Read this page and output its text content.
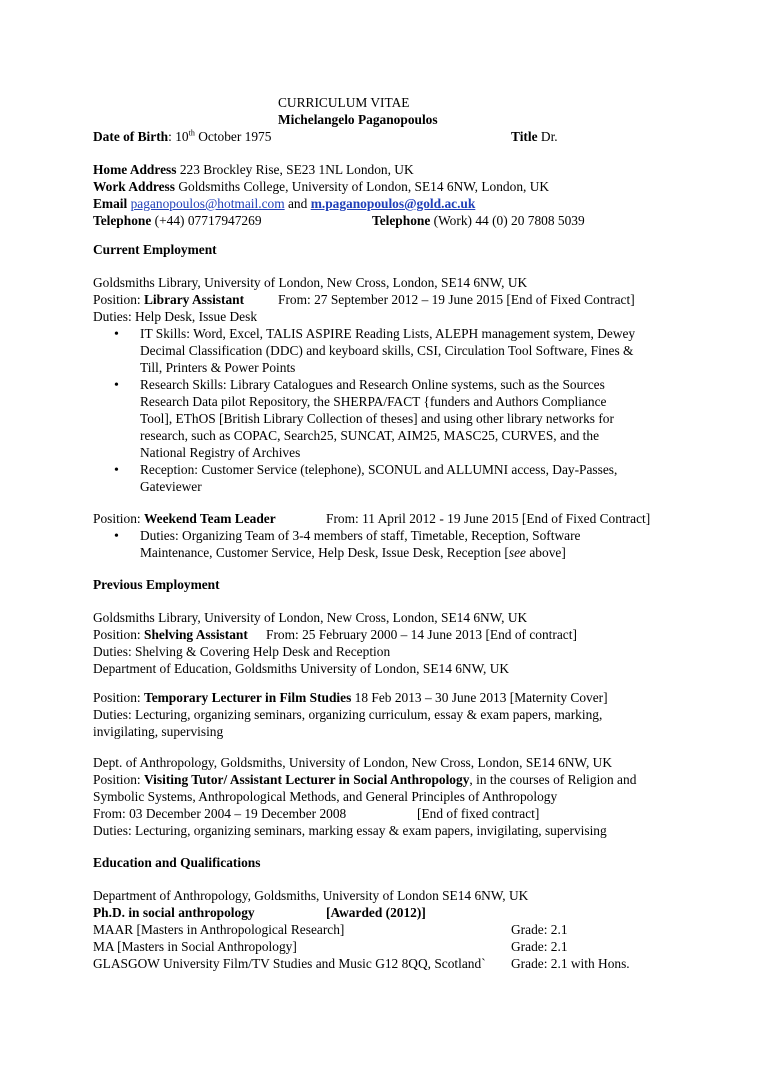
CURRICULUM VITAE
Michelangelo Paganopoulos
Date of Birth: 10th October 1975	Title Dr.
Home Address 223 Brockley Rise, SE23 1NL London, UK
Work Address Goldsmiths College, University of London, SE14 6NW, London, UK
Email paganopoulos@hotmail.com and m.paganopoulos@gold.ac.uk
Telephone (+44) 07717947269	Telephone (Work) 44 (0) 20 7808 5039
Current Employment
Goldsmiths Library, University of London, New Cross, London, SE14 6NW, UK
Position: Library Assistant	From: 27 September 2012 – 19 June 2015 [End of Fixed Contract]
Duties: Help Desk, Issue Desk
•
IT Skills: Word, Excel, TALIS ASPIRE Reading Lists, ALEPH management system, Dewey
Decimal Classification (DDC) and keyboard skills, CSI, Circulation Tool Software, Fines &
Till, Printers & Power Points
•
Research Skills: Library Catalogues and Research Online systems, such as the Sources
Research Data pilot Repository, the SHERPA/FACT {funders and Authors Compliance
Tool], EThOS [British Library Collection of theses] and using other library networks for
research, such as COPAC, Search25, SUNCAT, AIM25, MASC25, CURVES, and the
National Registry of Archives
•
Reception: Customer Service (telephone), SCONUL and ALLUMNI access, Day-Passes,
Gateviewer
Position: Weekend Team Leader	From: 11 April 2012 - 19 June 2015 [End of Fixed Contract]
•
Duties: Organizing Team of 3-4 members of staff, Timetable, Reception, Software
Maintenance, Customer Service, Help Desk, Issue Desk, Reception [see above]
Previous Employment
Goldsmiths Library, University of London, New Cross, London, SE14 6NW, UK
Position: Shelving Assistant From: 25 February 2000 – 14 June 2013 [End of contract]
Duties: Shelving & Covering Help Desk and Reception
Department of Education, Goldsmiths University of London, SE14 6NW, UK
Position: Temporary Lecturer in Film Studies 18 Feb 2013 – 30 June 2013 [Maternity Cover]
Duties: Lecturing, organizing seminars, organizing curriculum, essay & exam papers, marking,
invigilating, supervising
Dept. of Anthropology, Goldsmiths, University of London, New Cross, London, SE14 6NW, UK
Position: Visiting Tutor/ Assistant Lecturer in Social Anthropology, in the courses of Religion and
Symbolic Systems, Anthropological Methods, and General Principles of Anthropology
From: 03 December 2004 – 19 December 2008	[End of fixed contract]
Duties: Lecturing, organizing seminars, marking essay & exam papers, invigilating, supervising
Education and Qualifications
Department of Anthropology, Goldsmiths, University of London SE14 6NW, UK
Ph.D. in social anthropology	[Awarded (2012)]
MAAR [Masters in Anthropological Research]	Grade: 2.1
MA [Masters in Social Anthropology]	Grade: 2.1
GLASGOW University Film/TV Studies and Music G12 8QQ, Scotland` Grade: 2.1 with Hons.
